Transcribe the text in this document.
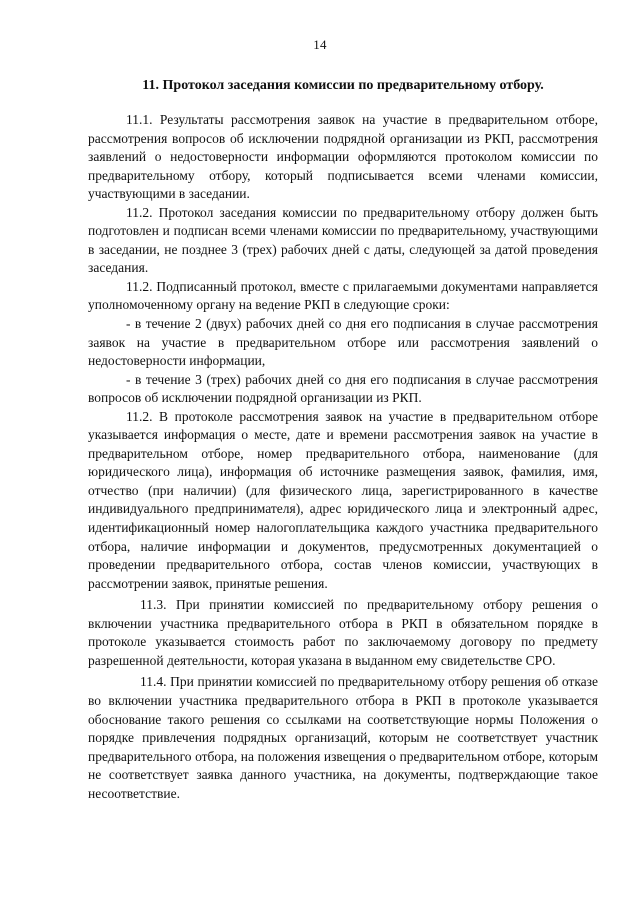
14
11. Протокол заседания комиссии по предварительному отбору.

11.1. Результаты рассмотрения заявок на участие в предварительном отборе, рассмотрения вопросов об исключении подрядной организации из РКП, рассмотрения заявлений о недостоверности информации оформляются протоколом комиссии по предварительному отбору, который подписывается всеми членами комиссии, участвующими в заседании.

11.2. Протокол заседания комиссии по предварительному отбору должен быть подготовлен и подписан всеми членами комиссии по предварительному, участвующими в заседании, не позднее 3 (трех) рабочих дней с даты, следующей за датой проведения заседания.

11.2. Подписанный протокол, вместе с прилагаемыми документами направляется уполномоченному органу на ведение РКП в следующие сроки:

- в течение 2 (двух) рабочих дней со дня его подписания в случае рассмотрения заявок на участие в предварительном отборе или рассмотрения заявлений о недостоверности информации,

- в течение 3 (трех) рабочих дней со дня его подписания в случае рассмотрения вопросов об исключении подрядной организации из РКП.

11.2. В протоколе рассмотрения заявок на участие в предварительном отборе указывается информация о месте, дате и времени рассмотрения заявок на участие в предварительном отборе, номер предварительного отбора, наименование (для юридического лица), информация об источнике размещения заявок, фамилия, имя, отчество (при наличии) (для физического лица, зарегистрированного в качестве индивидуального предпринимателя), адрес юридического лица и электронный адрес, идентификационный номер налогоплательщика каждого участника предварительного отбора, наличие информации и документов, предусмотренных документацией о проведении предварительного отбора, состав членов комиссии, участвующих в рассмотрении заявок, принятые решения.

11.3. При принятии комиссией по предварительному отбору решения о включении участника предварительного отбора в РКП в обязательном порядке в протоколе указывается стоимость работ по заключаемому договору по предмету разрешенной деятельности, которая указана в выданном ему свидетельстве СРО.

11.4. При принятии комиссией по предварительному отбору решения об отказе во включении участника предварительного отбора в РКП в протоколе указывается обоснование такого решения со ссылками на соответствующие нормы Положения о порядке привлечения подрядных организаций, которым не соответствует участник предварительного отбора, на положения извещения о предварительном отборе, которым не соответствует заявка данного участника, на документы, подтверждающие такое несоответствие.
